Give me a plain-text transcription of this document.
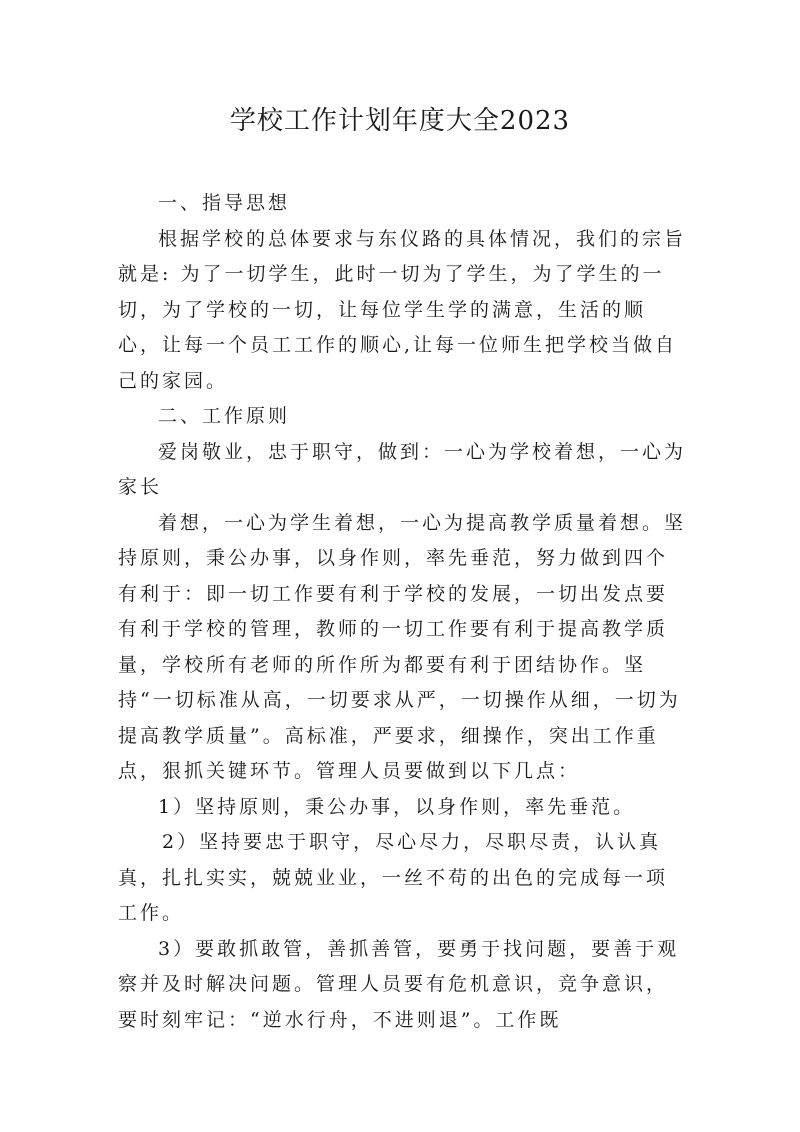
学校工作计划年度大全2023

一、指导思想

根据学校的总体要求与东仪路的具体情况，我们的宗旨就是: 为了一切学生，此时一切为了学生，为了学生的一切，为了学校的一切，让每位学生学的满意，生活的顺心，让每一个员工工作的顺心,让每一位师生把学校当做自己的家园。

二、工作原则

爱岗敬业，忠于职守，做到：一心为学校着想，一心为家长

着想，一心为学生着想，一心为提高教学质量着想。坚持原则，秉公办事，以身作则，率先垂范，努力做到四个有利于：即一切工作要有利于学校的发展，一切出发点要有利于学校的管理，教师的一切工作要有利于提高教学质量，学校所有老师的所作所为都要有利于团结协作。坚持“一切标准从高，一切要求从严，一切操作从细，一切为提高教学质量”。高标准，严要求，细操作，突出工作重点，狠抓关键环节。管理人员要做到以下几点：

1）坚持原则，秉公办事，以身作则，率先垂范。

2）坚持要忠于职守，尽心尽力，尽职尽责，认认真真，扎扎实实，兢兢业业，一丝不苟的出色的完成每一项工作。

3）要敢抓敢管，善抓善管，要勇于找问题，要善于观察并及时解决问题。管理人员要有危机意识，竞争意识，要时刻牢记：“逆水行舟，不进则退”。工作既
